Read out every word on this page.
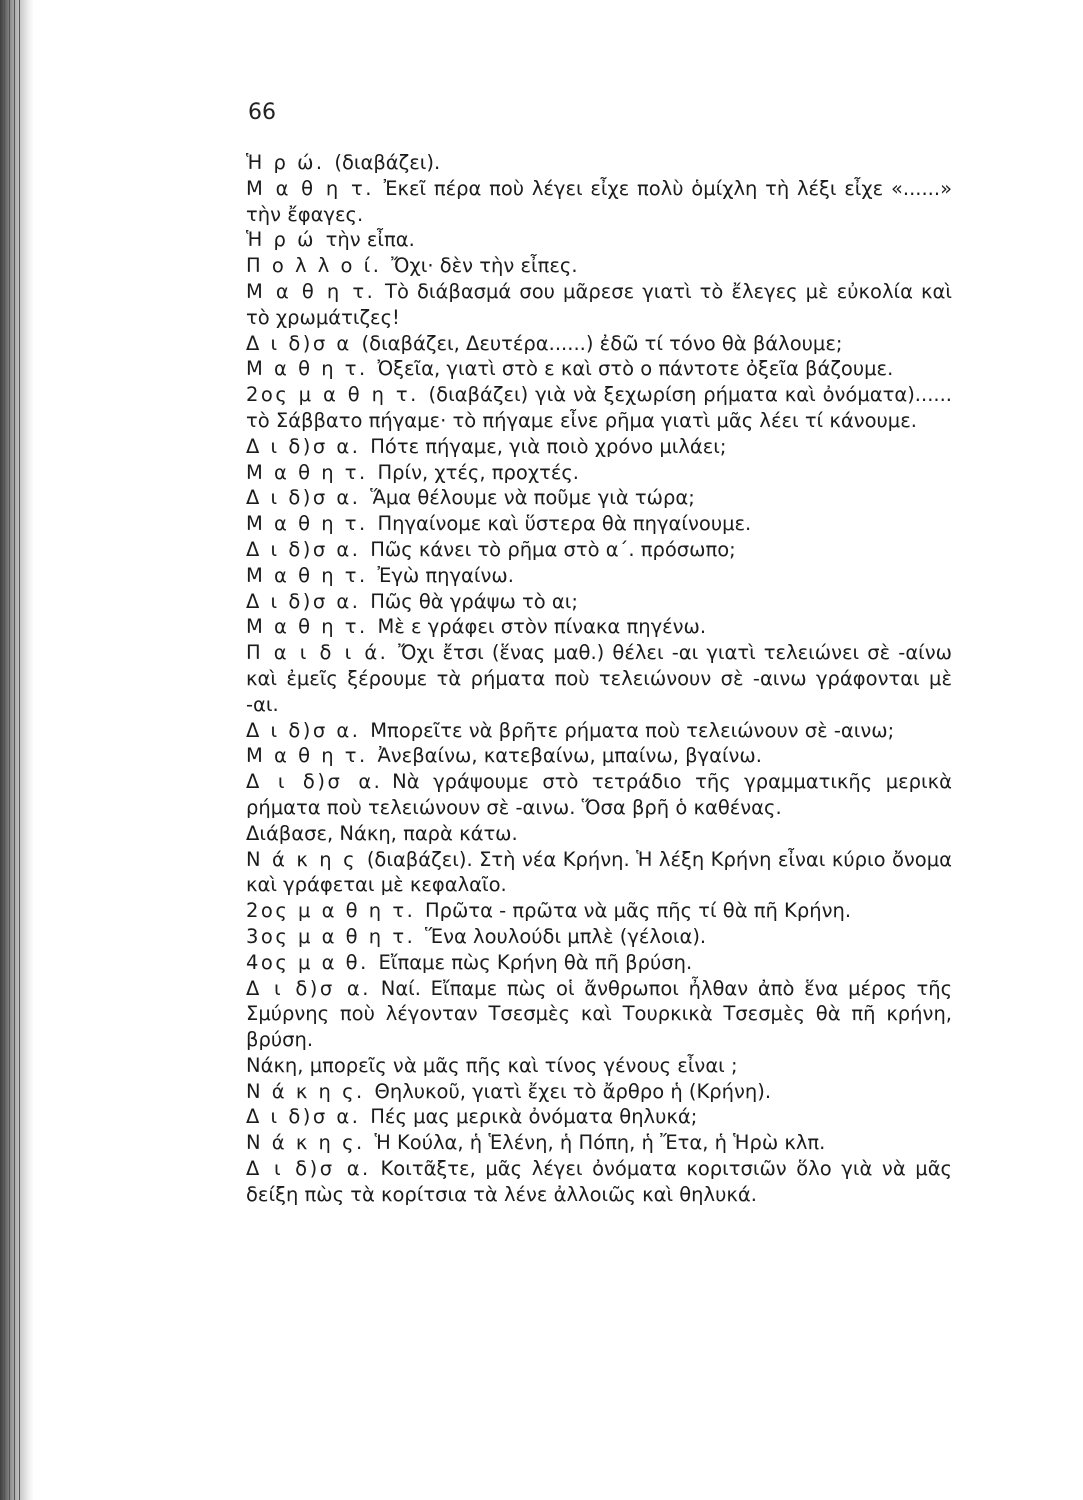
66

Ἡ ρ ώ.  (διαβάζει).

Μ α θ η τ.  Ἐκεῖ πέρα ποὺ λέγει εἶχε πολὺ ὁμίχλη τὴ λέξι εἶχε «......» τὴν ἔφαγες.

Ἡ ρ ώ  τὴν εἶπα.

Π ο λ λ ο ί.  Ὄχι· δὲν τὴν εἶπες.

Μ α θ η τ.  Τὸ διάβασμά σου μᾶρεσε γιατὶ τὸ ἔλεγες μὲ εὐκολία καὶ τὸ χρωμάτιζες!

Δ ι δ)σ α  (διαβάζει, Δευτέρα......) ἐδῶ τί τόνο θὰ βάλουμε;

Μ α θ η τ.  Ὀξεῖα, γιατὶ στὸ ε καὶ στὸ ο πάντοτε ὀξεῖα βάζουμε.

2ος μ α θ η τ.  (διαβάζει) γιὰ νὰ ξεχωρίση ρήματα καὶ ὀνόματα)...... τὸ Σάββατο πήγαμε· τὸ πήγαμε εἶνε ρῆμα γιατὶ μᾶς λέει τί κάνουμε.

Δ ι δ)σ α.  Πότε πήγαμε, γιὰ ποιὸ χρόνο μιλάει;

Μ α θ η τ.  Πρίν, χτές, προχτές.

Δ ι δ)σ α.  Ἅμα θέλουμε νὰ ποῦμε γιὰ τώρα;

Μ α θ η τ.  Πηγαίνομε καὶ ὕστερα θὰ πηγαίνουμε.

Δ ι δ)σ α.  Πῶς κάνει τὸ ρῆμα στὸ α΄. πρόσωπο;

Μ α θ η τ.  Ἐγὼ πηγαίνω.

Δ ι δ)σ α.  Πῶς θὰ γράψω τὸ αι;

Μ α θ η τ.  Μὲ ε γράφει στὸν πίνακα πηγένω.

Π α ι δ ι ά.  Ὄχι ἔτσι (ἕνας μαθ.) θέλει -αι γιατὶ τελειώνει σὲ -αίνω καὶ ἐμεῖς ξέρουμε τὰ ρήματα ποὺ τελειώνουν σὲ -αινω γράφονται μὲ -αι.

Δ ι δ)σ α.  Μπορεῖτε νὰ βρῆτε ρήματα ποὺ τελειώνουν σὲ -αινω;

Μ α θ η τ.  Ἀνεβαίνω, κατεβαίνω, μπαίνω, βγαίνω.

Δ ι δ)σ α.  Νὰ γράψουμε στὸ τετράδιο τῆς γραμματικῆς μερικὰ ρήματα ποὺ τελειώνουν σὲ -αινω. Ὅσα βρῆ ὁ καθένας.

Διάβασε, Νάκη, παρὰ κάτω.

Ν ά κ η ς  (διαβάζει). Στὴ νέα Κρήνη. Ἡ λέξη Κρήνη εἶναι κύριο ὄνομα καὶ γράφεται μὲ κεφαλαῖο.

2ος μ α θ η τ.  Πρῶτα - πρῶτα νὰ μᾶς πῆς τί θὰ πῆ Κρήνη.

3ος μ α θ η τ.  Ἕνα λουλούδι μπλὲ (γέλοια).

4ος μ α θ.  Εἴπαμε πὼς Κρήνη θὰ πῆ βρύση.

Δ ι δ)σ α.  Ναί. Εἴπαμε πὼς οἱ ἄνθρωποι ἦλθαν ἀπὸ ἕνα μέρος τῆς Σμύρνης ποὺ λέγονταν Τσεσμὲς καὶ Τουρκικὰ Τσεσμὲς θὰ πῆ κρήνη, βρύση.

Νάκη, μπορεῖς νὰ μᾶς πῆς καὶ τίνος γένους εἶναι ;

Ν ά κ η ς.  Θηλυκοῦ, γιατὶ ἔχει τὸ ἄρθρο ἡ (Κρήνη).

Δ ι δ)σ α.  Πές μας μερικὰ ὀνόματα θηλυκά;

Ν ά κ η ς.  Ἡ Κούλα, ἡ Ἑλένη, ἡ Πόπη, ἡ Ἔτα, ἡ Ἡρὼ κλπ.

Δ ι δ)σ α.  Κοιτᾶξτε, μᾶς λέγει ὀνόματα κοριτσιῶν ὅλο γιὰ νὰ μᾶς δείξη πὼς τὰ κορίτσια τὰ λένε ἀλλοιῶς καὶ θηλυκά.
